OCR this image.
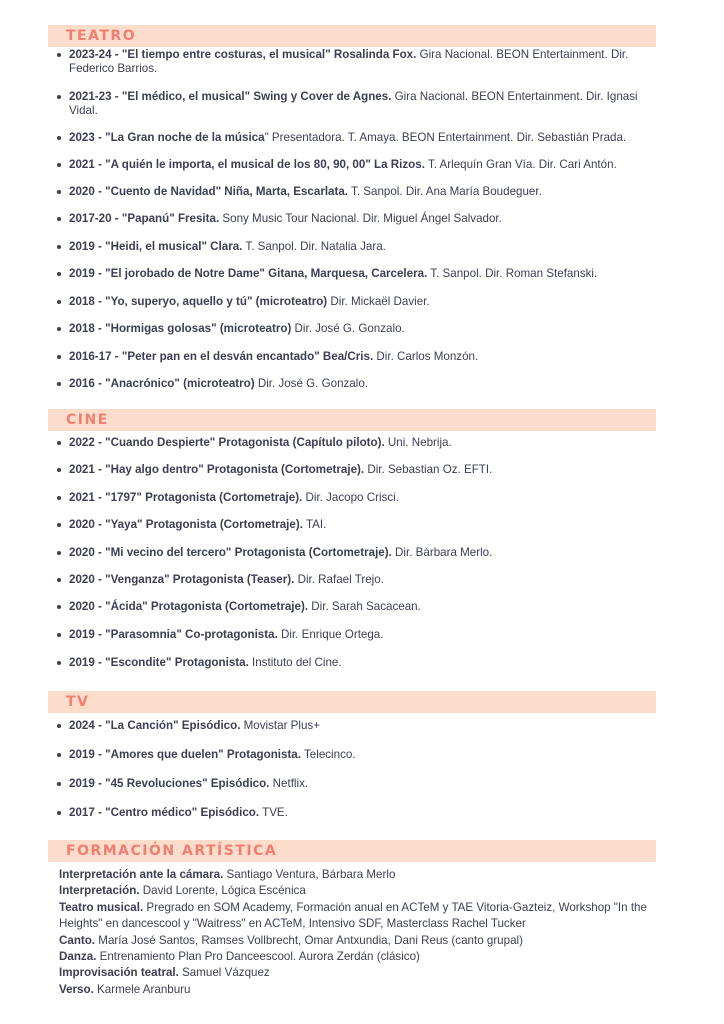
TEATRO
2023-24 - "El tiempo entre costuras, el musical" Rosalinda Fox. Gira Nacional. BEON Entertainment. Dir. Federico Barrios.
2021-23 - "El médico, el musical" Swing y Cover de Agnes. Gira Nacional. BEON Entertainment. Dir. Ignasi Vidal.
2023 - "La Gran noche de la música" Presentadora. T. Amaya. BEON Entertainment. Dir. Sebastián Prada.
2021 - "A quién le importa, el musical de los 80, 90, 00" La Rizos. T. Arlequín Gran Vía. Dir. Cari Antón.
2020 - "Cuento de Navidad" Niña, Marta, Escarlata. T. Sanpol. Dir. Ana María Boudeguer.
2017-20 - "Papanú" Fresita. Sony Music Tour Nacional. Dir. Miguel Ángel Salvador.
2019 - "Heidi, el musical" Clara. T. Sanpol. Dir. Natalia Jara.
2019 - "El jorobado de Notre Dame" Gitana, Marquesa, Carcelera. T. Sanpol. Dir. Roman Stefanski.
2018 - "Yo, superyo, aquello y tú" (microteatro) Dir. Mickaël Davier.
2018 - "Hormigas golosas" (microteatro) Dir. José G. Gonzalo.
2016-17 - "Peter pan en el desván encantado" Bea/Cris. Dir. Carlos Monzón.
2016 - "Anacrónico" (microteatro) Dir. José G. Gonzalo.
CINE
2022 - "Cuando Despierte" Protagonista (Capítulo piloto). Uni. Nebrija.
2021 - "Hay algo dentro" Protagonista (Cortometraje). Dir. Sebastian Oz. EFTI.
2021 - "1797" Protagonista (Cortometraje). Dir. Jacopo Crisci.
2020 - "Yaya" Protagonista (Cortometraje). TAI.
2020 - "Mi vecino del tercero" Protagonista (Cortometraje). Dir. Bárbara Merlo.
2020 - "Venganza" Protagonista (Teaser). Dir. Rafael Trejo.
2020 - "Ácida" Protagonista (Cortometraje). Dir. Sarah Sacacean.
2019 - "Parasomnia" Co-protagonista. Dir. Enrique Ortega.
2019 - "Escondite" Protagonista. Instituto del Cine.
TV
2024 - "La Canción" Episódico. Movistar Plus+
2019 - "Amores que duelen" Protagonista. Telecinco.
2019 - "45 Revoluciones" Episódico. Netflix.
2017 - "Centro médico" Episódico. TVE.
FORMACIÓN ARTÍSTICA
Interpretación ante la cámara. Santiago Ventura, Bárbara Merlo
Interpretación. David Lorente, Lógica Escénica
Teatro musical. Pregrado en SOM Academy, Formación anual en ACTeM y TAE Vitoria-Gazteiz, Workshop "In the Heights" en dancescool y "Waitress" en ACTeM, Intensivo SDF, Masterclass Rachel Tucker
Canto. María José Santos, Ramses Vollbrecht, Omar Antxundia, Dani Reus (canto grupal)
Danza. Entrenamiento Plan Pro Danceescool. Aurora Zerdán (clásico)
Improvisación teatral. Samuel Vázquez
Verso. Karmele Aranburu
